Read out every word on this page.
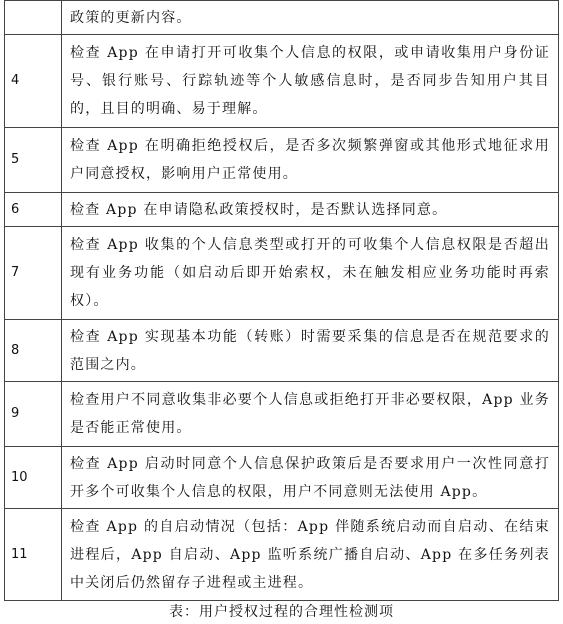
	政策的更新内容。
4	检查 App 在申请打开可收集个人信息的权限，或申请收集用户身份证号、银行账号、行踪轨迹等个人敏感信息时，是否同步告知用户其目的，且目的明确、易于理解。
5	检查 App 在明确拒绝授权后，是否多次频繁弹窗或其他形式地征求用户同意授权，影响用户正常使用。
6	检查 App 在申请隐私政策授权时，是否默认选择同意。
7	检查 App 收集的个人信息类型或打开的可收集个人信息权限是否超出现有业务功能（如启动后即开始索权，未在触发相应业务功能时再索权）。
8	检查 App 实现基本功能（转账）时需要采集的信息是否在规范要求的范围之内。
9	检查用户不同意收集非必要个人信息或拒绝打开非必要权限，App 业务是否能正常使用。
10	检查 App 启动时同意个人信息保护政策后是否要求用户一次性同意打开多个可收集个人信息的权限，用户不同意则无法使用 App。
11	检查 App 的自启动情况（包括：App 伴随系统启动而自启动、在结束进程后，App 自启动、App 监听系统广播自启动、App 在多任务列表中关闭后仍然留存子进程或主进程。
表：用户授权过程的合理性检测项
